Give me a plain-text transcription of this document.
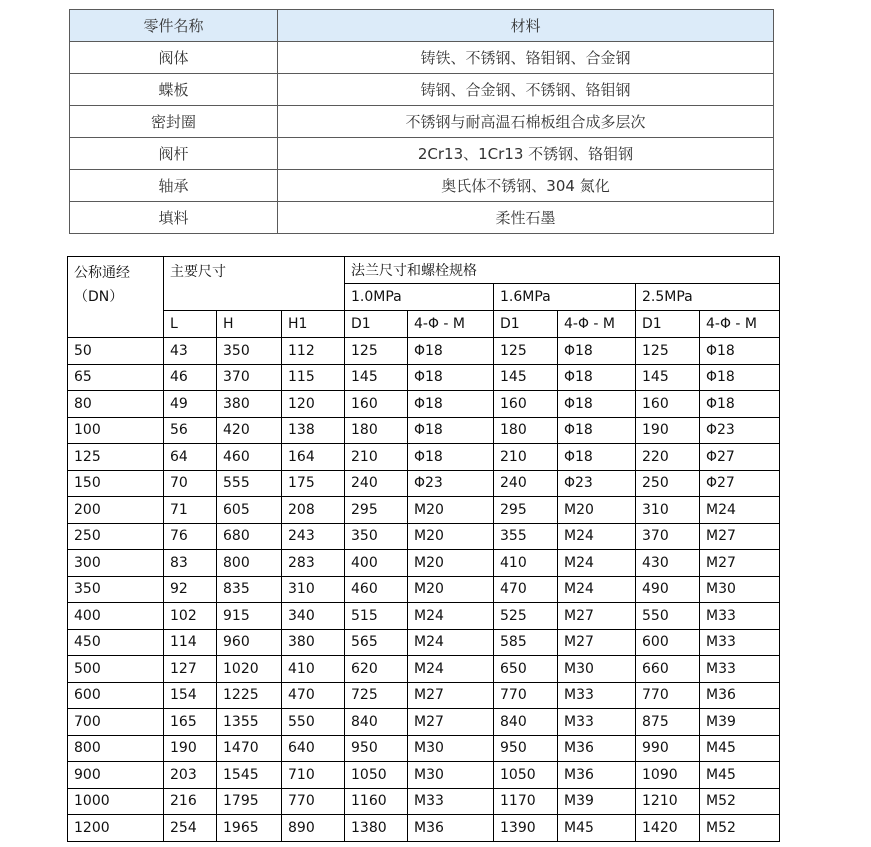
零件名称	材料
阀体	铸铁、不锈钢、铬钼钢、合金钢
蝶板	铸钢、合金钢、不锈钢、铬钼钢
密封圈	不锈钢与耐高温石棉板组合成多层次
阀杆	2Cr13、1Cr13 不锈钢、铬钼钢
轴承	奥氏体不锈钢、304 氮化
填料	柔性石墨
公称通经
（DN）	主要尺寸			法兰尺寸和螺栓规格					
				1.0MPa		1.6MPa		2.5MPa	
	L	H	H1	D1	4-Φ - M	D1	4-Φ - M	D1	4-Φ - M
50	43	350	112	125	Φ18	125	Φ18	125	Φ18
65	46	370	115	145	Φ18	145	Φ18	145	Φ18
80	49	380	120	160	Φ18	160	Φ18	160	Φ18
100	56	420	138	180	Φ18	180	Φ18	190	Φ23
125	64	460	164	210	Φ18	210	Φ18	220	Φ27
150	70	555	175	240	Φ23	240	Φ23	250	Φ27
200	71	605	208	295	M20	295	M20	310	M24
250	76	680	243	350	M20	355	M24	370	M27
300	83	800	283	400	M20	410	M24	430	M27
350	92	835	310	460	M20	470	M24	490	M30
400	102	915	340	515	M24	525	M27	550	M33
450	114	960	380	565	M24	585	M27	600	M33
500	127	1020	410	620	M24	650	M30	660	M33
600	154	1225	470	725	M27	770	M33	770	M36
700	165	1355	550	840	M27	840	M33	875	M39
800	190	1470	640	950	M30	950	M36	990	M45
900	203	1545	710	1050	M30	1050	M36	1090	M45
1000	216	1795	770	1160	M33	1170	M39	1210	M52
1200	254	1965	890	1380	M36	1390	M45	1420	M52
